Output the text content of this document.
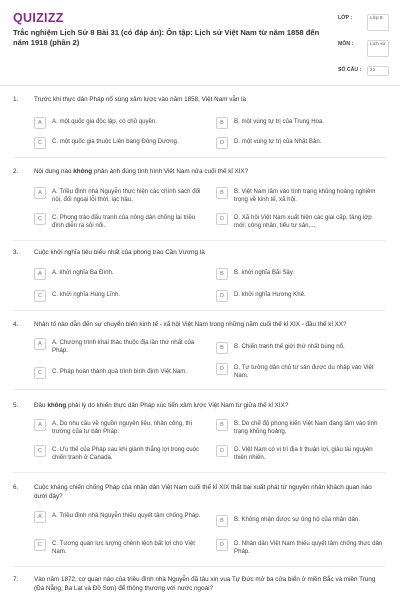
QUIZIZZ
Trắc nghiệm Lịch Sử 8 Bài 31 (có đáp án): Ôn tập: Lịch sử Việt Nam từ năm 1858 đến năm 1918 (phần 2)
LỚP :	Lớp 8
MÔN :	Lịch sử
SỐ CÂU :	21
1. Trước khi thực dân Pháp nổ súng xâm lược vào năm 1858, Việt Nam vẫn là
A	A. một quốc gia độc lập, có chủ quyền.	B	B. một vùng tự trị của Trung Hoa.
C	C. một quốc gia thuộc Liên bang Đông Dương.	D	D. một vùng tự trị của Nhật Bản.
2. Nội dung nào không phản ánh đúng tình hình Việt Nam nửa cuối thế kỉ XIX?
A	A. Triều đình nhà Nguyễn thực hiện các chính sách đối nội, đối ngoại lỗi thời, lạc hậu.
B	B. Việt Nam lâm vào tình trạng khủng hoảng nghiêm trọng về kinh tế, xã hội.
C	C. Phong trào đấu tranh của nông dân chống lại triều đình diễn ra sôi nổi.
D	D. Xã hội Việt Nam xuất hiện các giai cấp, tầng lớp mới: công nhân, tiểu tư sản,...
3. Cuộc khởi nghĩa tiêu biểu nhất của phong trào Cần Vương là
A	A. khởi nghĩa Ba Đình.	B	B. khởi nghĩa Bãi Sậy.
C	C. khởi nghĩa Hùng Lĩnh.	D	D. khởi nghĩa Hương Khê.
4. Nhân tố nào dẫn đến sự chuyển biến kinh tế - xã hội Việt Nam trong những năm cuối thế kỉ XIX - đầu thế kỉ XX?
A	A. Chương trình khai thác thuộc địa lần thứ nhất của Pháp.	B	B. Chiến tranh thế giới thứ nhất bùng nổ.
C	C. Pháp hoàn thành quá trình bình định Việt Nam.	D	D. Tư tưởng dân chủ tư sản được du nhập vào Việt Nam.
5. Đâu không phải lý do khiến thực dân Pháp xúc tiến xâm lược Việt Nam từ giữa thế kỉ XIX?
A	A. Do nhu cầu về nguồn nguyên liệu, nhân công, thị trường của tư bản Pháp.
B	B. Do chế độ phong kiến Việt Nam đang lâm vào tình trạng khủng hoảng.
C	C. Ưu thế của Pháp sau khi giành thắng lợi trong cuộc chiến tranh ở Canada.
D	D. Việt Nam có vị trí địa lí thuận lợi, giàu tài nguyên thiên nhiên.
6. Cuộc kháng chiến chống Pháp của nhân dân Việt Nam cuối thế kỉ XIX thất bại xuất phát từ nguyên nhân khách quan nào dưới đây?
A	A. Triều đình nhà Nguyễn thiếu quyết tâm chống Pháp.
B	B. Không nhận được sự ủng hộ của nhân dân.
C	C. Tương quan lực lượng chênh lệch bất lợi cho Việt Nam.
D	D. Nhân dân Việt Nam thiếu quyết tâm chống thực dân Pháp.
7. Vào năm 1872, cơ quan nào của triều đình nhà Nguyễn đã tâu xin vua Tự Đức mở ba cửa biển ở miền Bắc và miền Trung (Đà Nẵng, Ba Lạt và Đồ Sơn) để thông thương với nước ngoài?
